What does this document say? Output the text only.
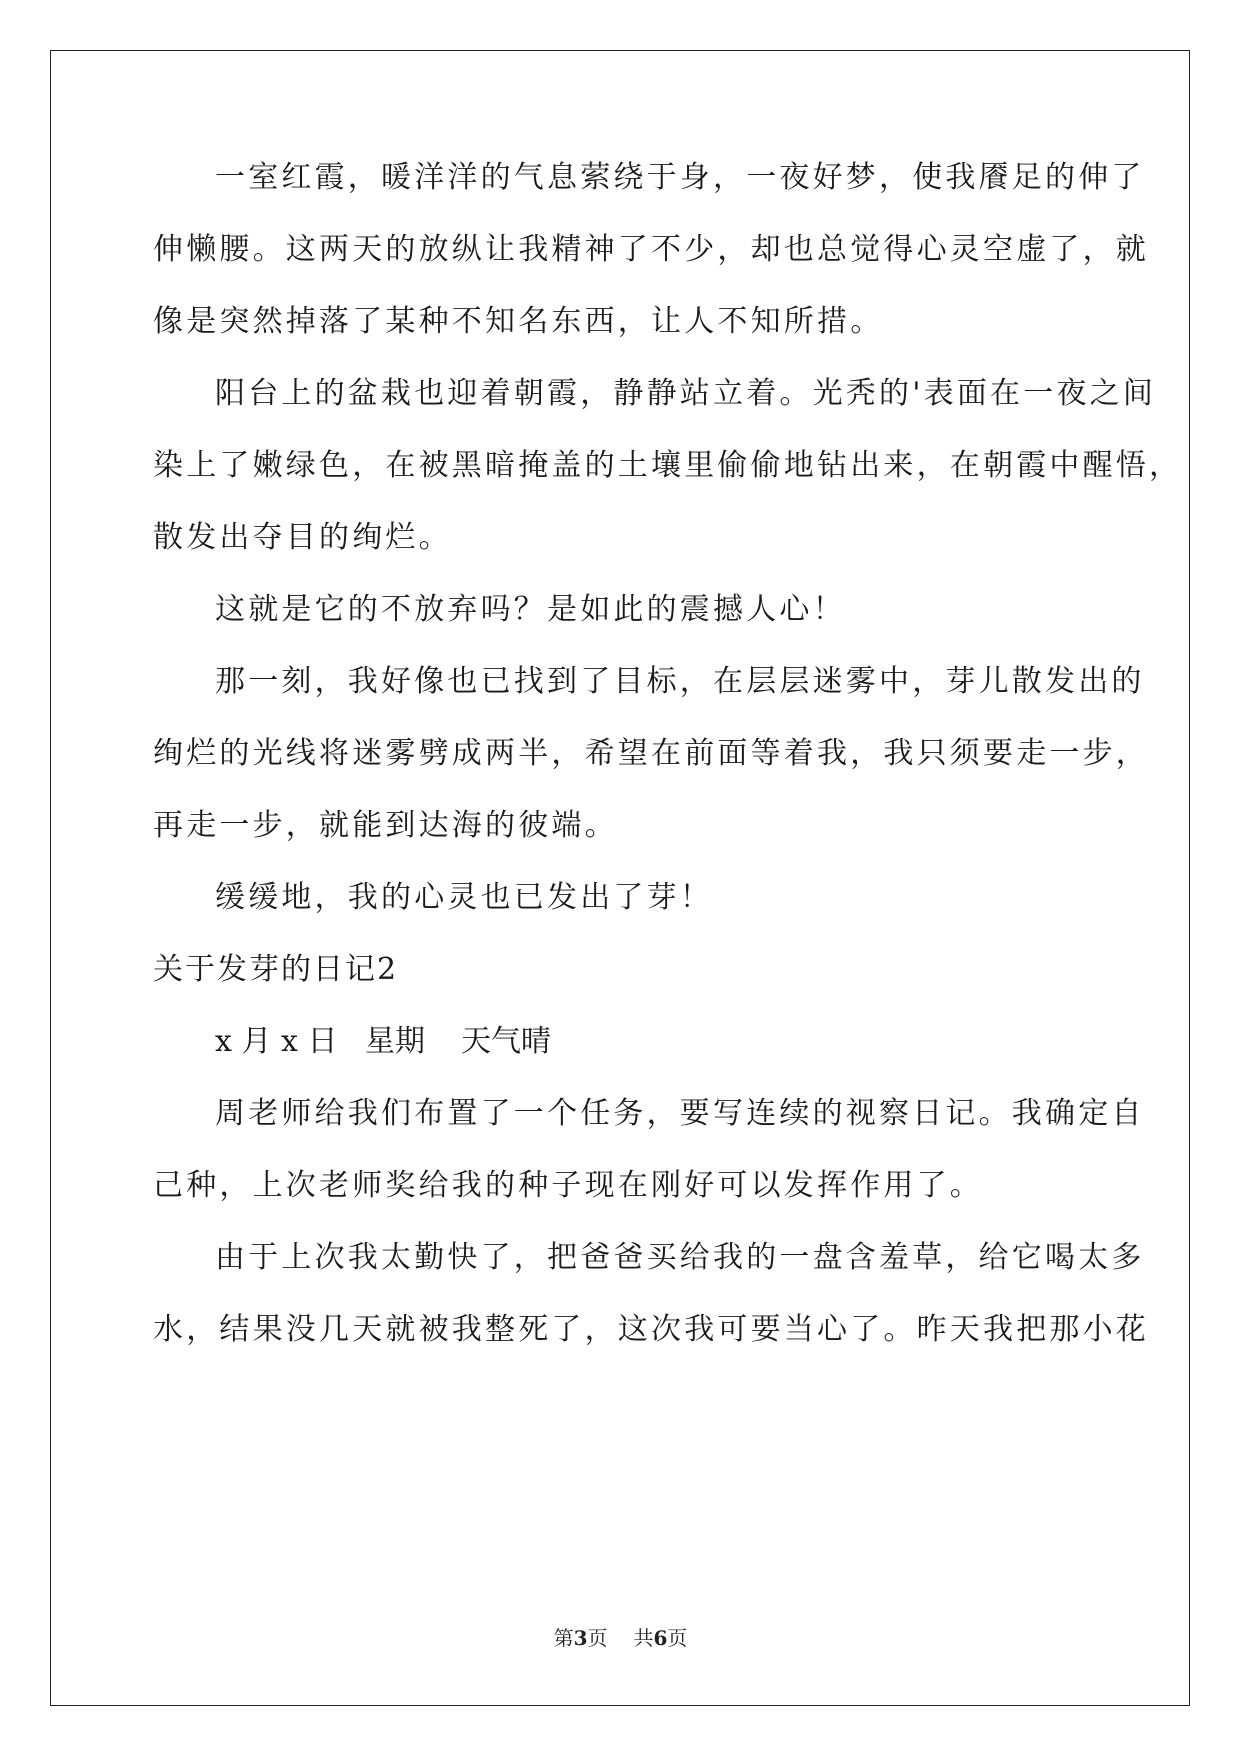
一室红霞，暖洋洋的气息萦绕于身，一夜好梦，使我餍足的伸了
伸懒腰。这两天的放纵让我精神了不少，却也总觉得心灵空虚了，就
像是突然掉落了某种不知名东西，让人不知所措。
阳台上的盆栽也迎着朝霞，静静站立着。光秃的'表面在一夜之间
染上了嫩绿色，在被黑暗掩盖的土壤里偷偷地钻出来，在朝霞中醒悟，
散发出夺目的绚烂。
这就是它的不放弃吗？是如此的震撼人心！
那一刻，我好像也已找到了目标，在层层迷雾中，芽儿散发出的
绚烂的光线将迷雾劈成两半，希望在前面等着我，我只须要走一步，
再走一步，就能到达海的彼端。
缓缓地，我的心灵也已发出了芽！
关于发芽的日记2
x 月 x 日 星期 天气晴
周老师给我们布置了一个任务，要写连续的视察日记。我确定自
己种，上次老师奖给我的种子现在刚好可以发挥作用了。
由于上次我太勤快了，把爸爸买给我的一盘含羞草，给它喝太多
水，结果没几天就被我整死了，这次我可要当心了。昨天我把那小花
第3页 共6页
